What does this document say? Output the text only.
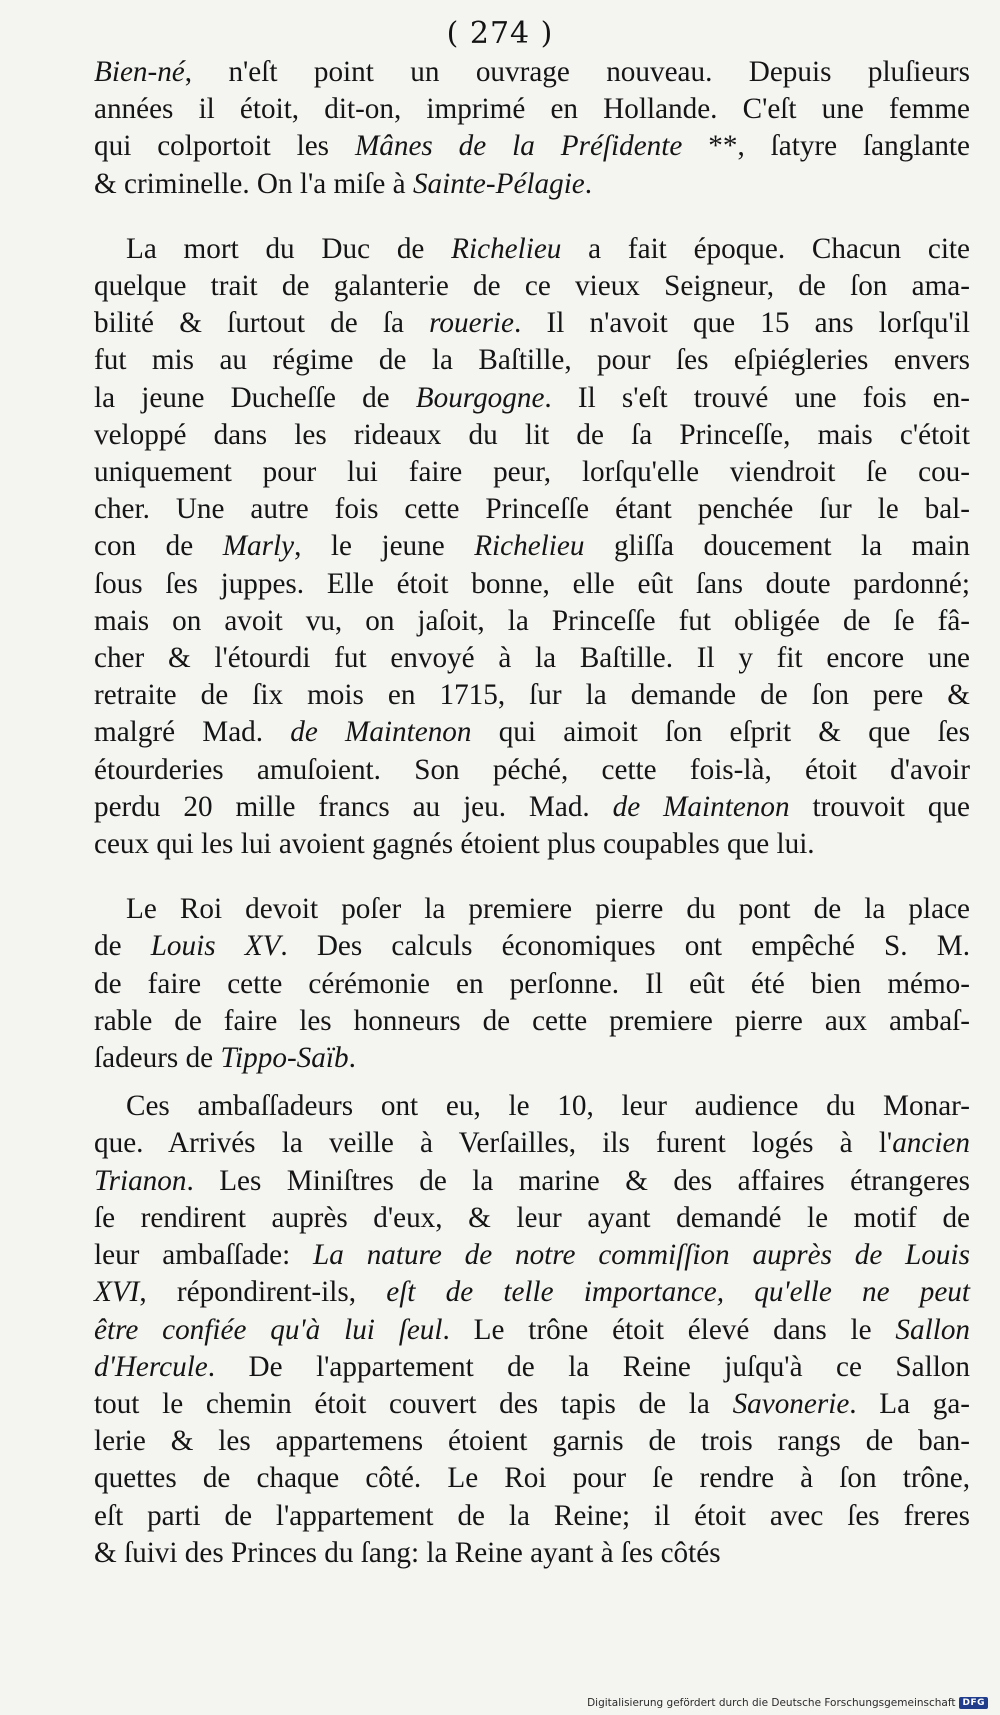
( 274 )

Bien-né, n'eſt point un ouvrage nouveau. Depuis pluſieurs
années il étoit, dit-on, imprimé en Hollande. C'eſt une femme
qui colportoit les Mânes de la Préſidente **, ſatyre ſanglante
& criminelle. On l'a miſe à Sainte-Pélagie.

La mort du Duc de Richelieu a fait époque. Chacun cite
quelque trait de galanterie de ce vieux Seigneur, de ſon ama-
bilité & ſurtout de ſa rouerie. Il n'avoit que 15 ans lorſqu'il
fut mis au régime de la Baſtille, pour ſes eſpiégleries envers
la jeune Ducheſſe de Bourgogne. Il s'eſt trouvé une fois en-
veloppé dans les rideaux du lit de ſa Princeſſe, mais c'étoit
uniquement pour lui faire peur, lorſqu'elle viendroit ſe cou-
cher. Une autre fois cette Princeſſe étant penchée ſur le bal-
con de Marly, le jeune Richelieu gliſſa doucement la main
ſous ſes juppes. Elle étoit bonne, elle eût ſans doute pardonné;
mais on avoit vu, on jaſoit, la Princeſſe fut obligée de ſe fâ-
cher & l'étourdi fut envoyé à la Baſtille. Il y fit encore une
retraite de ſix mois en 1715, ſur la demande de ſon pere &
malgré Mad. de Maintenon qui aimoit ſon eſprit & que ſes
étourderies amuſoient. Son péché, cette fois-là, étoit d'avoir
perdu 20 mille francs au jeu. Mad. de Maintenon trouvoit que
ceux qui les lui avoient gagnés étoient plus coupables que lui.

Le Roi devoit poſer la premiere pierre du pont de la place
de Louis XV. Des calculs économiques ont empêché S. M.
de faire cette cérémonie en perſonne. Il eût été bien mémo-
rable de faire les honneurs de cette premiere pierre aux ambaſ-
ſadeurs de Tippo-Saïb.

Ces ambaſſadeurs ont eu, le 10, leur audience du Monar-
que. Arrivés la veille à Verſailles, ils furent logés à l'ancien
Trianon. Les Miniſtres de la marine & des affaires étrangeres
ſe rendirent auprès d'eux, & leur ayant demandé le motif de
leur ambaſſade: La nature de notre commiſſion auprès de Louis
XVI, répondirent-ils, eſt de telle importance, qu'elle ne peut
être confiée qu'à lui ſeul. Le trône étoit élevé dans le Sallon
d'Hercule. De l'appartement de la Reine juſqu'à ce Sallon
tout le chemin étoit couvert des tapis de la Savonerie. La ga-
lerie & les appartemens étoient garnis de trois rangs de ban-
quettes de chaque côté. Le Roi pour ſe rendre à ſon trône,
eſt parti de l'appartement de la Reine; il étoit avec ſes freres
& ſuivi des Princes du ſang: la Reine ayant à ſes côtés

Digitalisierung gefördert durch die Deutsche Forschungsgemeinschaft DFG
